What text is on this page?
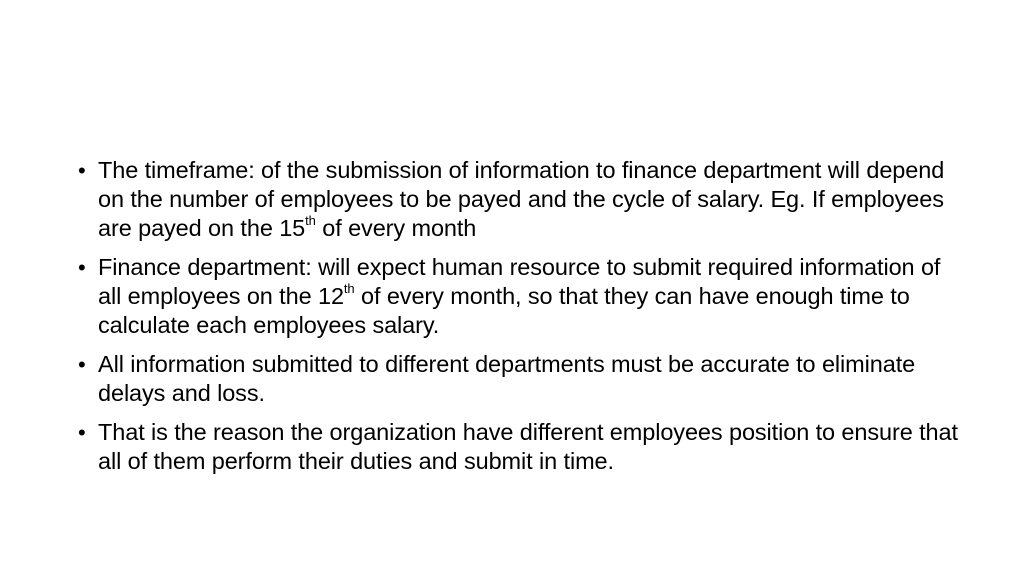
• The timeframe: of the submission of information to finance department will depend on the number of employees to be payed and the cycle of salary. Eg. If employees are payed on the 15th of every month
• Finance department: will expect human resource to submit required information of all employees on the 12th of every month, so that they can have enough time to calculate each employees salary.
• All information submitted to different departments must be accurate to eliminate delays and loss.
• That is the reason the organization have different employees position to ensure that all of them perform their duties and submit in time.
